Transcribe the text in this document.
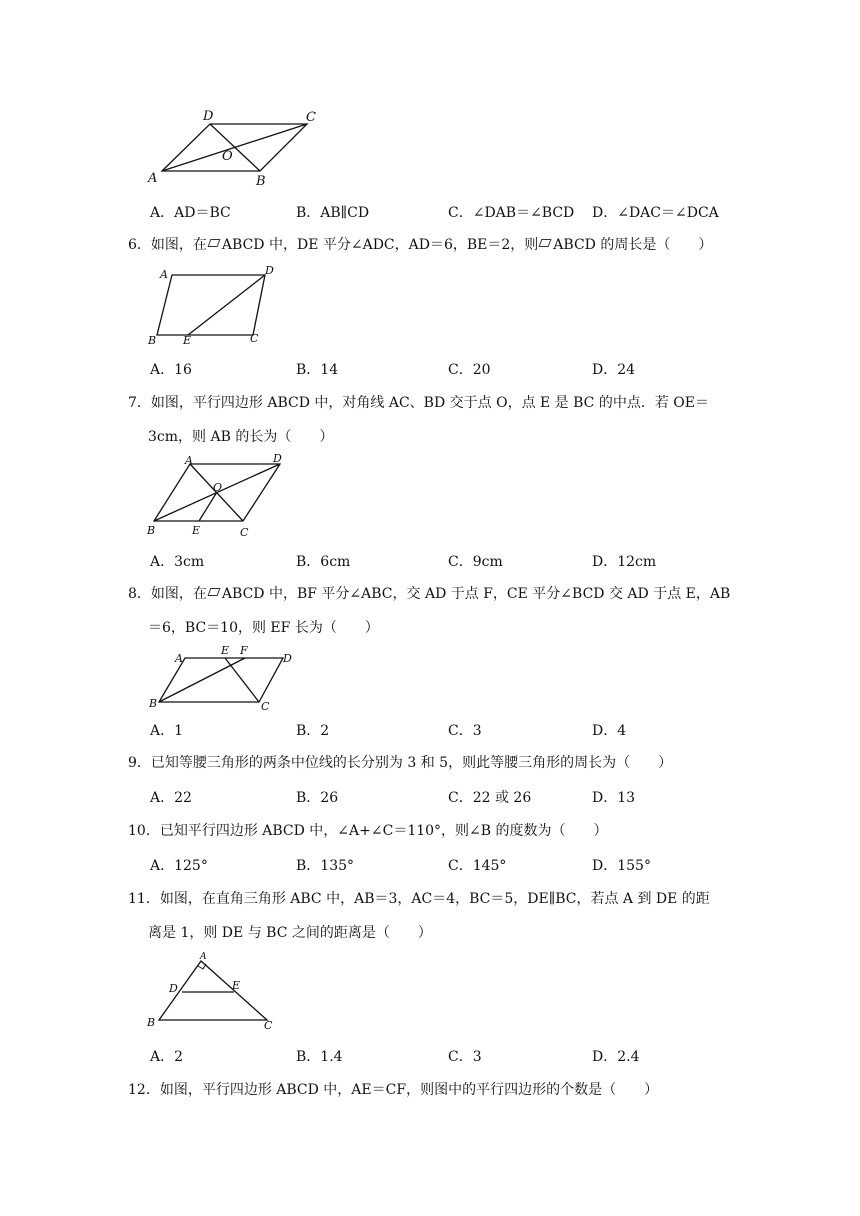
A	B
C
D
O
A．AD＝BC	B．AB∥CD	C．∠DAB＝∠BCD D．∠DAC＝∠DCA
6．如图，在 ABCD 中，DE 平分∠ADC，AD＝6，BE＝2，则 ABCD 的周长是（　　）
A	D
B E	C
A．16	B．14	C．20	D．24
7．如图，平行四边形 ABCD 中，对角线 AC、BD 交于点 O，点 E 是 BC 的中点．若 OE＝
3cm，则 AB 的长为（　　）
A	D
O
B	E	C
A．3cm	B．6cm	C．9cm	D．12cm
8．如图，在 ABCD 中，BF 平分∠ABC，交 AD 于点 F，CE 平分∠BCD 交 AD 于点 E，AB
＝6，BC＝10，则 EF 长为（　　）
A
E F
D
B	C
A．1	B．2	C．3	D．4
9．已知等腰三角形的两条中位线的长分别为 3 和 5，则此等腰三角形的周长为（　　）
A．22	B．26	C．22 或 26	D．13
10．已知平行四边形 ABCD 中，∠A+∠C＝110°，则∠B 的度数为（　　）
A．125°	B．135°	C．145°	D．155°
11．如图，在直角三角形 ABC 中，AB＝3，AC＝4，BC＝5，DE∥BC，若点 A 到 DE 的距
离是 1，则 DE 与 BC 之间的距离是（　　）
A
D	E
B	C
A．2	B．1.4	C．3	D．2.4
12．如图，平行四边形 ABCD 中，AE＝CF，则图中的平行四边形的个数是（　　）
